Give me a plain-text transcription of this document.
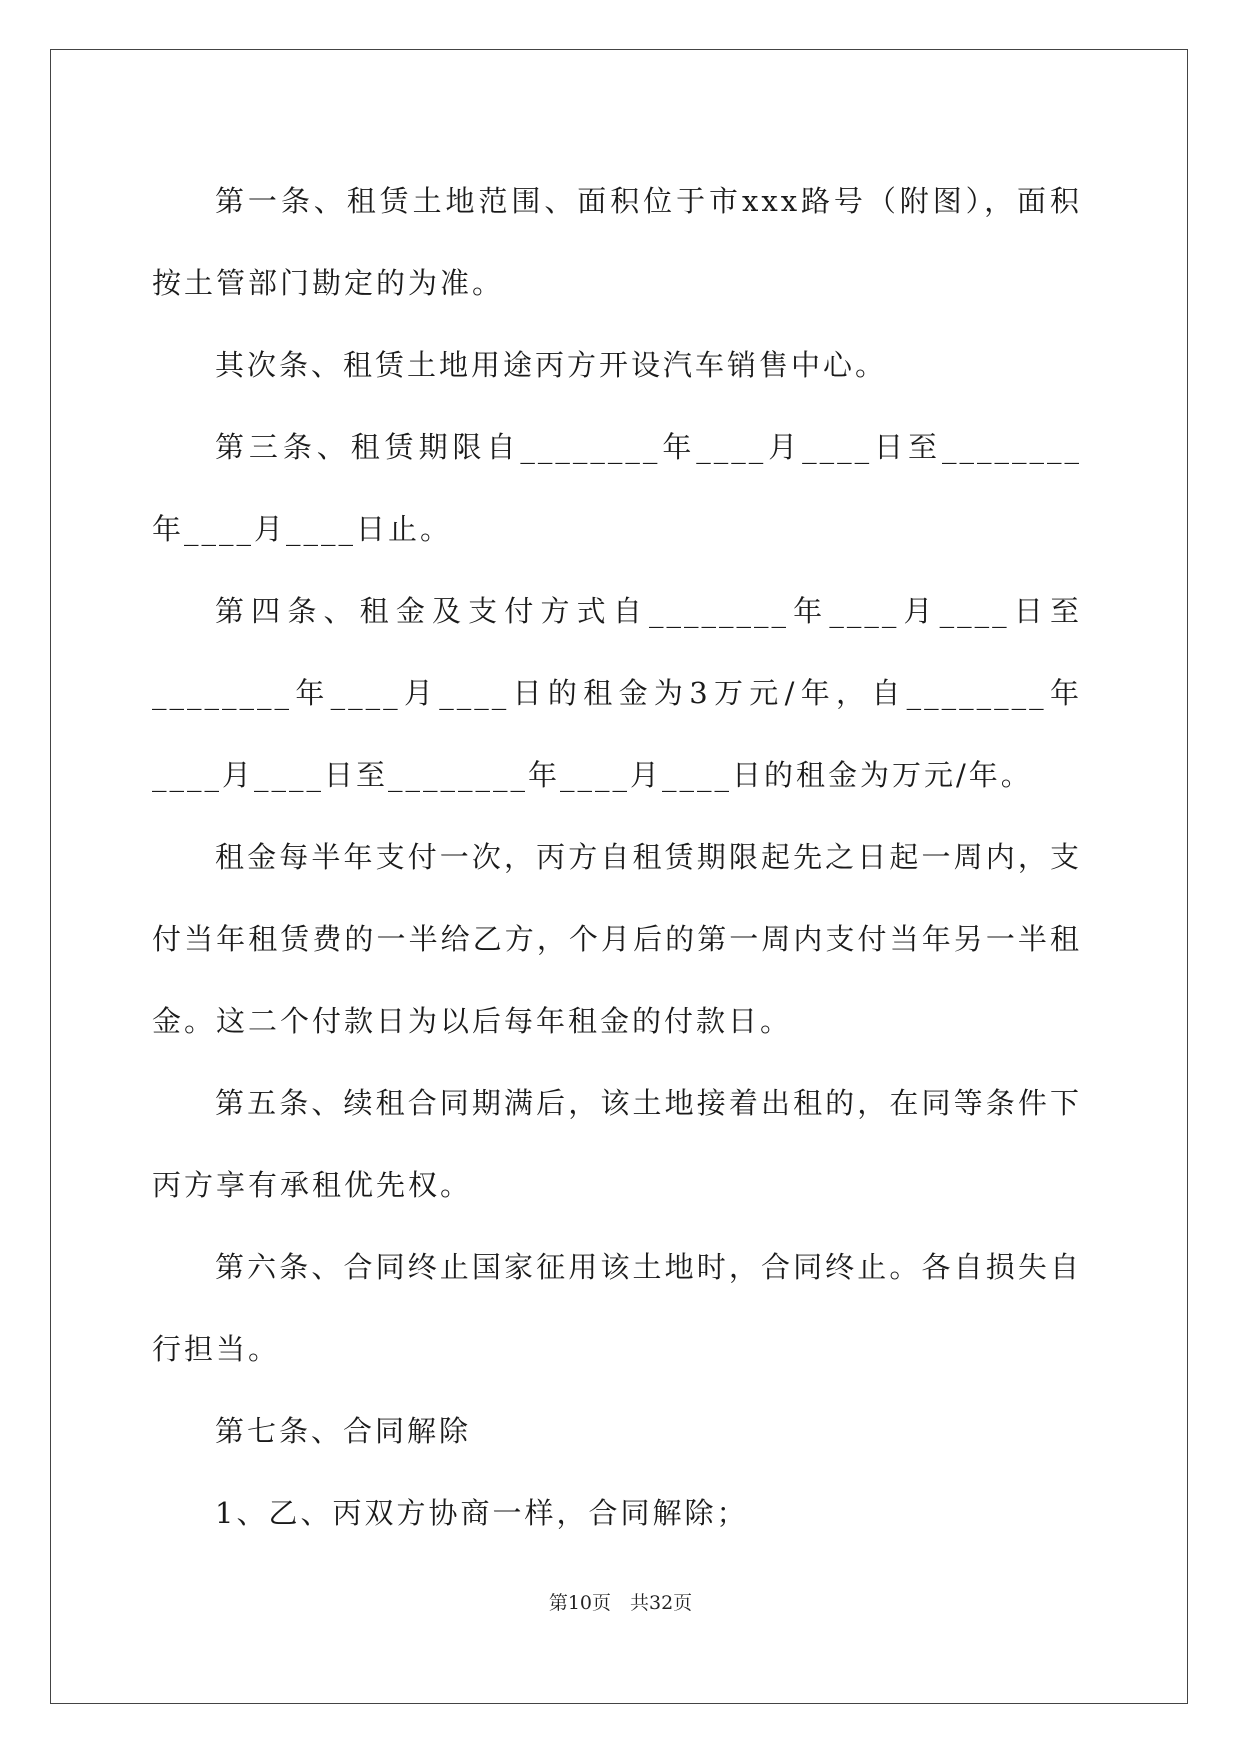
第一条、租赁土地范围、面积位于市xxx路号（附图），面积按土管部门勘定的为准。

其次条、租赁土地用途丙方开设汽车销售中心。

第三条、租赁期限自________年____月____日至________年____月____日止。

第四条、租金及支付方式自________年____月____日至________年____月____日的租金为3万元/年，自________年____月____日至________年____月____日的租金为万元/年。

租金每半年支付一次，丙方自租赁期限起先之日起一周内，支付当年租赁费的一半给乙方，个月后的第一周内支付当年另一半租金。这二个付款日为以后每年租金的付款日。

第五条、续租合同期满后，该土地接着出租的，在同等条件下丙方享有承租优先权。

第六条、合同终止国家征用该土地时，合同终止。各自损失自行担当。

第七条、合同解除

1、乙、丙双方协商一样，合同解除；

第10页　共32页
